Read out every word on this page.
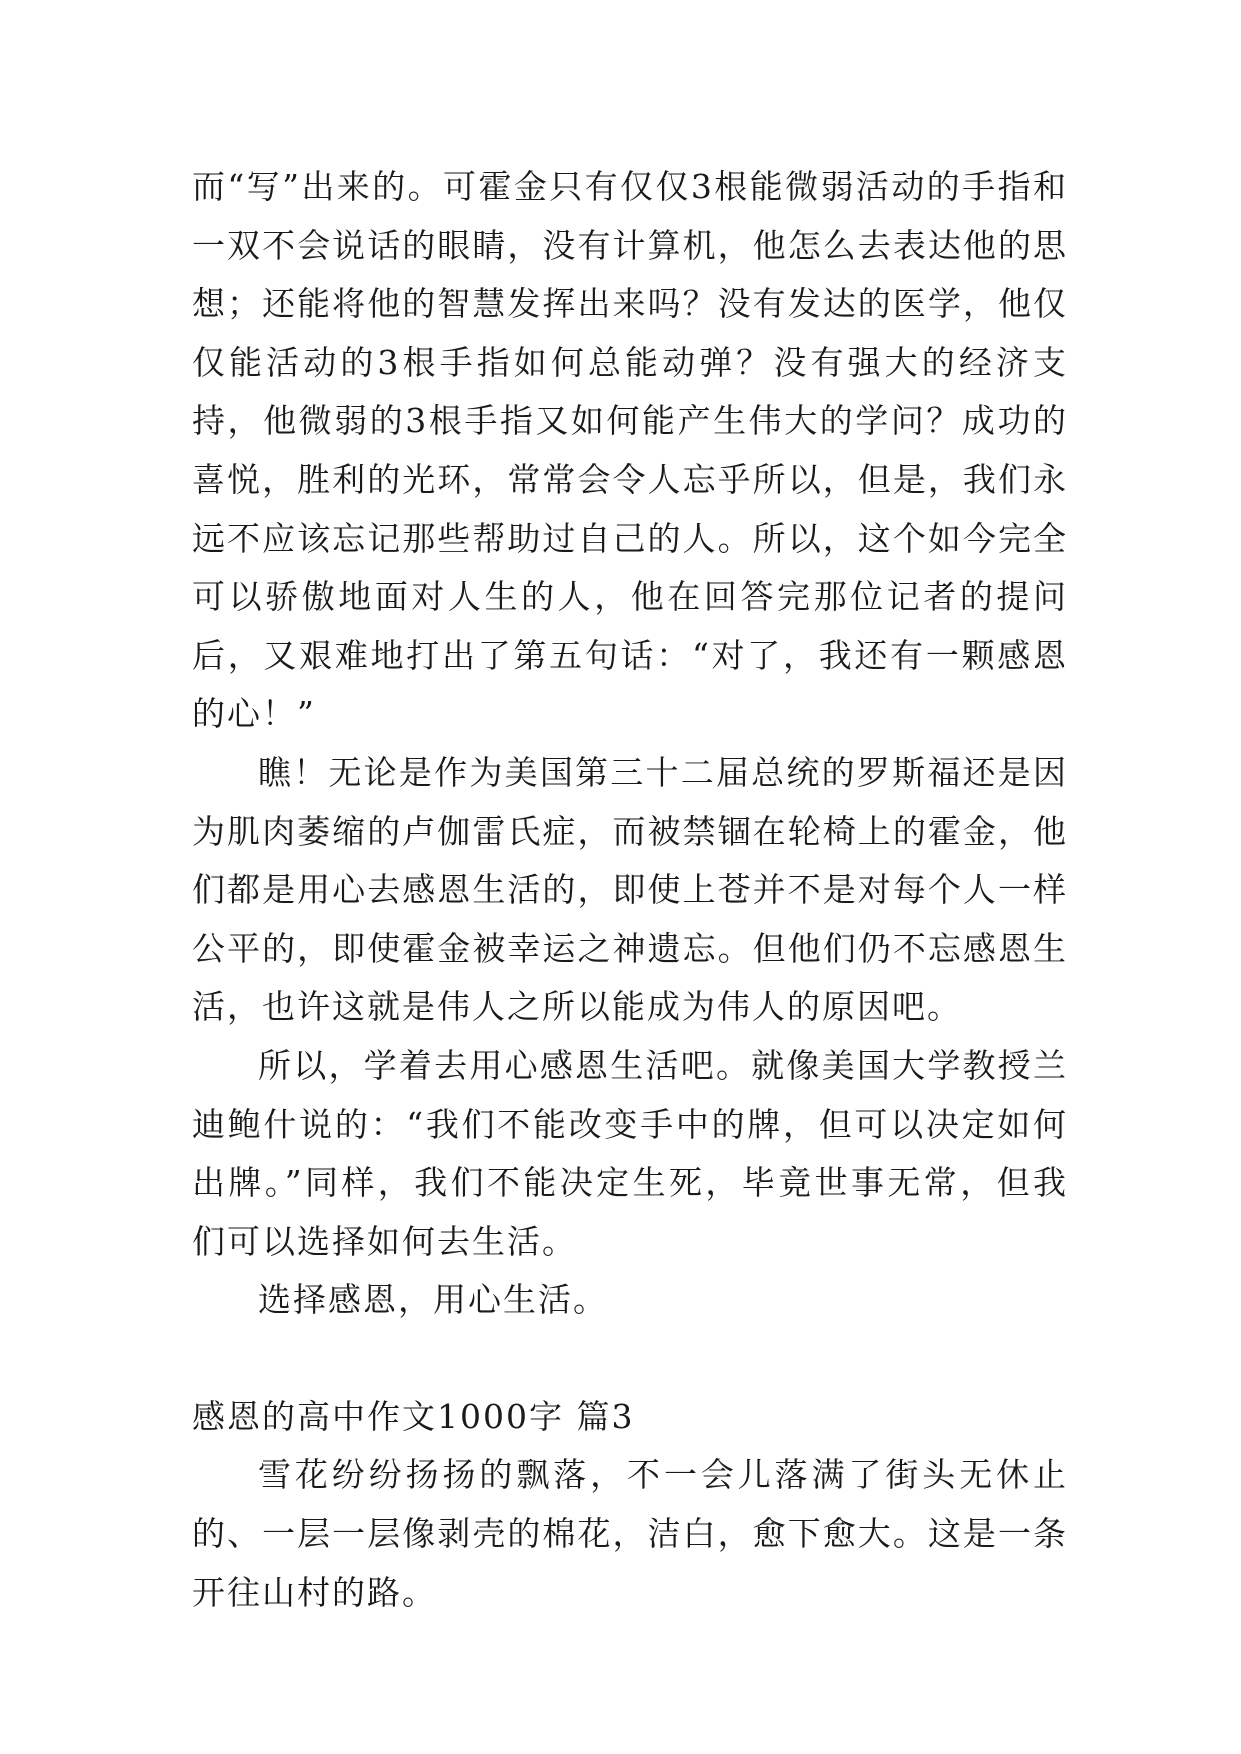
而“写”出来的。可霍金只有仅仅3根能微弱活动的手指和一双不会说话的眼睛，没有计算机，他怎么去表达他的思想；还能将他的智慧发挥出来吗？没有发达的医学，他仅仅能活动的3根手指如何总能动弹？没有强大的经济支持，他微弱的3根手指又如何能产生伟大的学问？成功的喜悦，胜利的光环，常常会令人忘乎所以，但是，我们永远不应该忘记那些帮助过自己的人。所以，这个如今完全可以骄傲地面对人生的人，他在回答完那位记者的提问后，又艰难地打出了第五句话：“对了，我还有一颗感恩的心！”

瞧！无论是作为美国第三十二届总统的罗斯福还是因为肌肉萎缩的卢伽雷氏症，而被禁锢在轮椅上的霍金，他们都是用心去感恩生活的，即使上苍并不是对每个人一样公平的，即使霍金被幸运之神遗忘。但他们仍不忘感恩生活，也许这就是伟人之所以能成为伟人的原因吧。

所以，学着去用心感恩生活吧。就像美国大学教授兰迪鲍什说的：“我们不能改变手中的牌，但可以决定如何出牌。”同样，我们不能决定生死，毕竟世事无常，但我们可以选择如何去生活。

选择感恩，用心生活。

感恩的高中作文1000字 篇3

雪花纷纷扬扬的飘落，不一会儿落满了街头无休止的、一层一层像剥壳的棉花，洁白，愈下愈大。这是一条开往山村的路。
